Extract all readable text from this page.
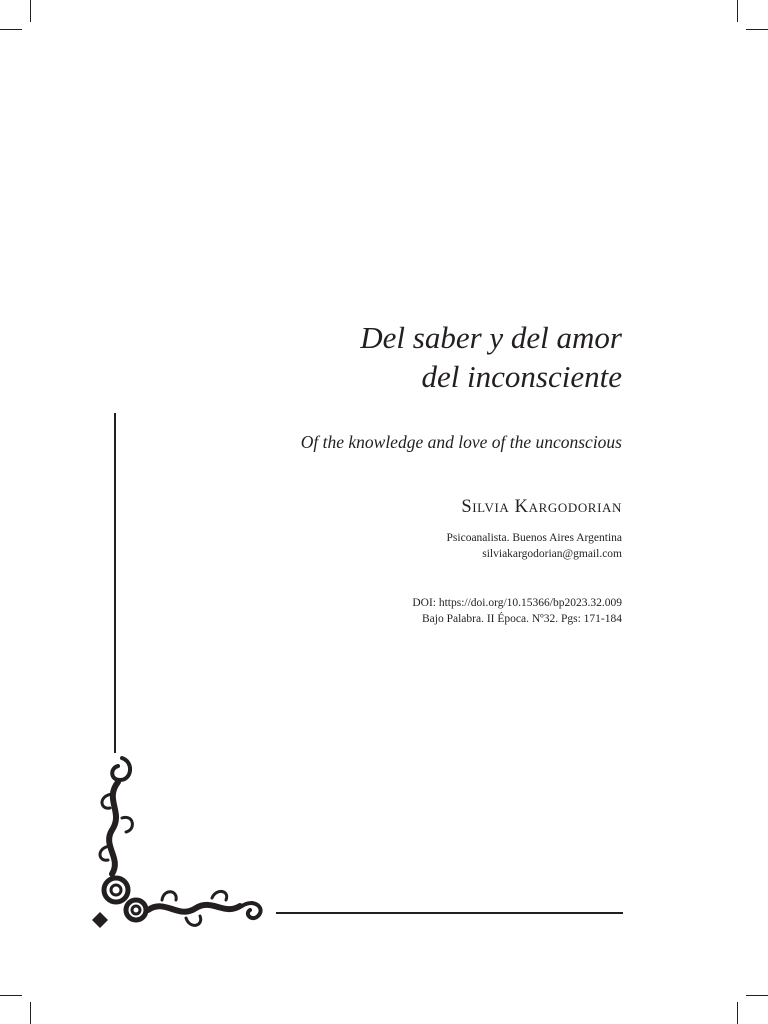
Del saber y del amor
del inconsciente
Of the knowledge and love of the unconscious
Silvia Kargodorian
Psicoanalista. Buenos Aires Argentina
silviakargodorian@gmail.com
DOI: https://doi.org/10.15366/bp2023.32.009
Bajo Palabra. II Época. Nº32. Pgs: 171-184
